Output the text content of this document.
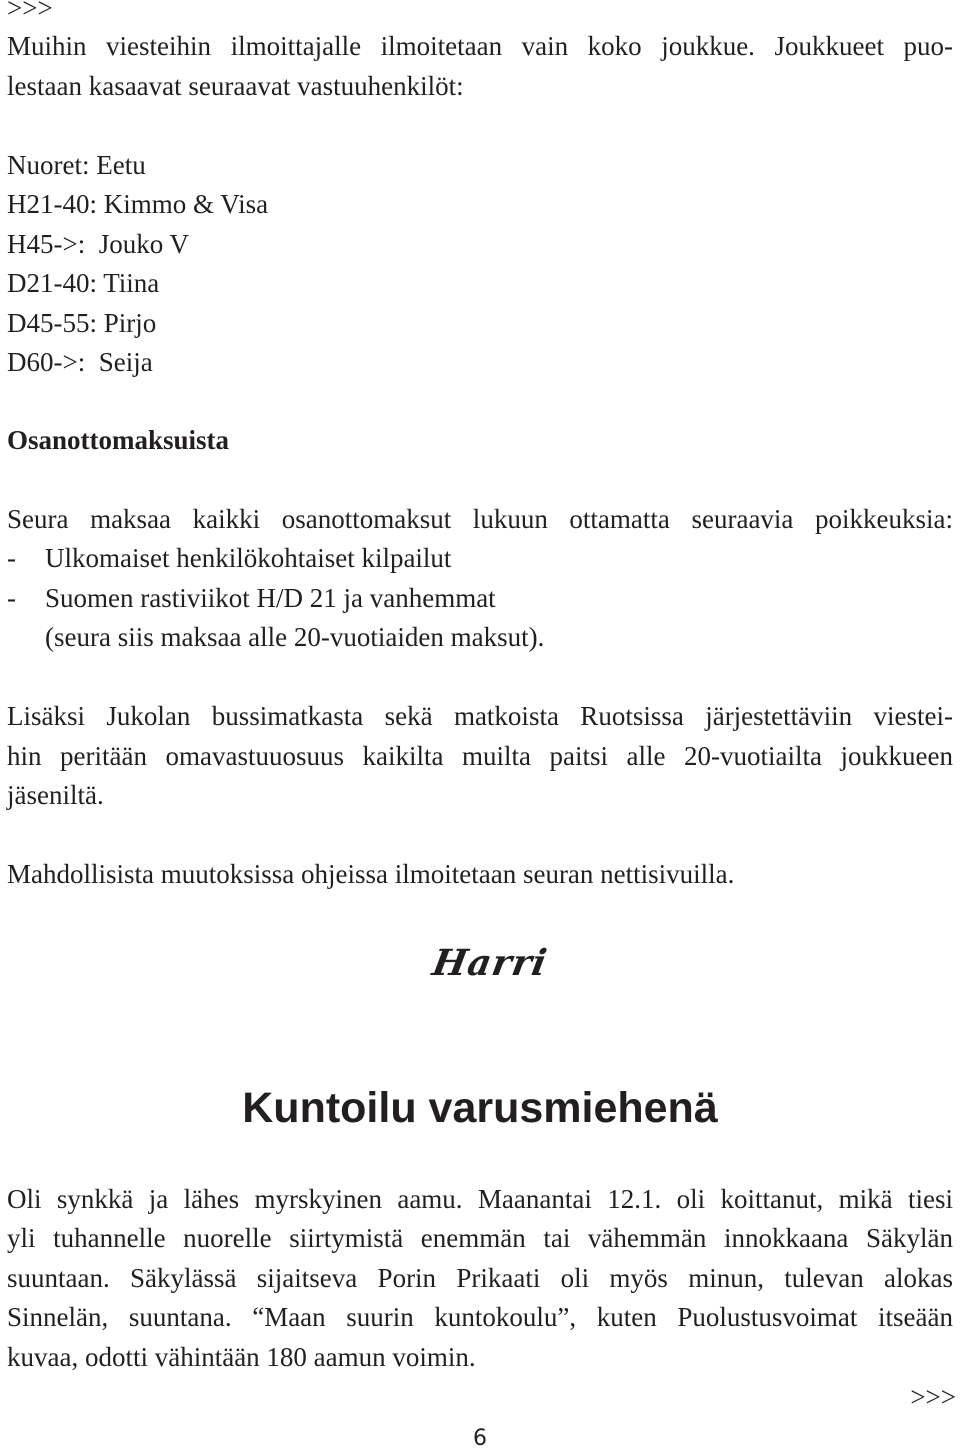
>>>
Muihin viesteihin ilmoittajalle ilmoitetaan vain koko joukkue. Joukkueet puo-
lestaan kasaavat seuraavat vastuuhenkilöt:
Nuoret: Eetu
H21-40: Kimmo & Visa
H45->:  Jouko V
D21-40: Tiina
D45-55: Pirjo
D60->:  Seija
Osanottomaksuista
Seura maksaa kaikki osanottomaksut lukuun ottamatta seuraavia poikkeuksia:
- Ulkomaiset henkilökohtaiset kilpailut
- Suomen rastiviikot H/D 21 ja vanhemmat
(seura siis maksaa alle 20-vuotiaiden maksut).
Lisäksi Jukolan bussimatkasta sekä matkoista Ruotsissa järjestettäviin viestei-
hin peritään omavastuuosuus kaikilta muilta paitsi alle 20-vuotiailta joukkueen
jäseniltä.
Mahdollisista muutoksissa ohjeissa ilmoitetaan seuran nettisivuilla.
Harri
Kuntoilu varusmiehenä
Oli synkkä ja lähes myrskyinen aamu. Maanantai 12.1. oli koittanut, mikä tiesi
yli tuhannelle nuorelle siirtymistä enemmän tai vähemmän innokkaana Säkylän
suuntaan. Säkylässä sijaitseva Porin Prikaati oli myös minun, tulevan alokas
Sinnelän, suuntana. “Maan suurin kuntokoulu”, kuten Puolustusvoimat itseään
kuvaa, odotti vähintään 180 aamun voimin.
>>>
6
